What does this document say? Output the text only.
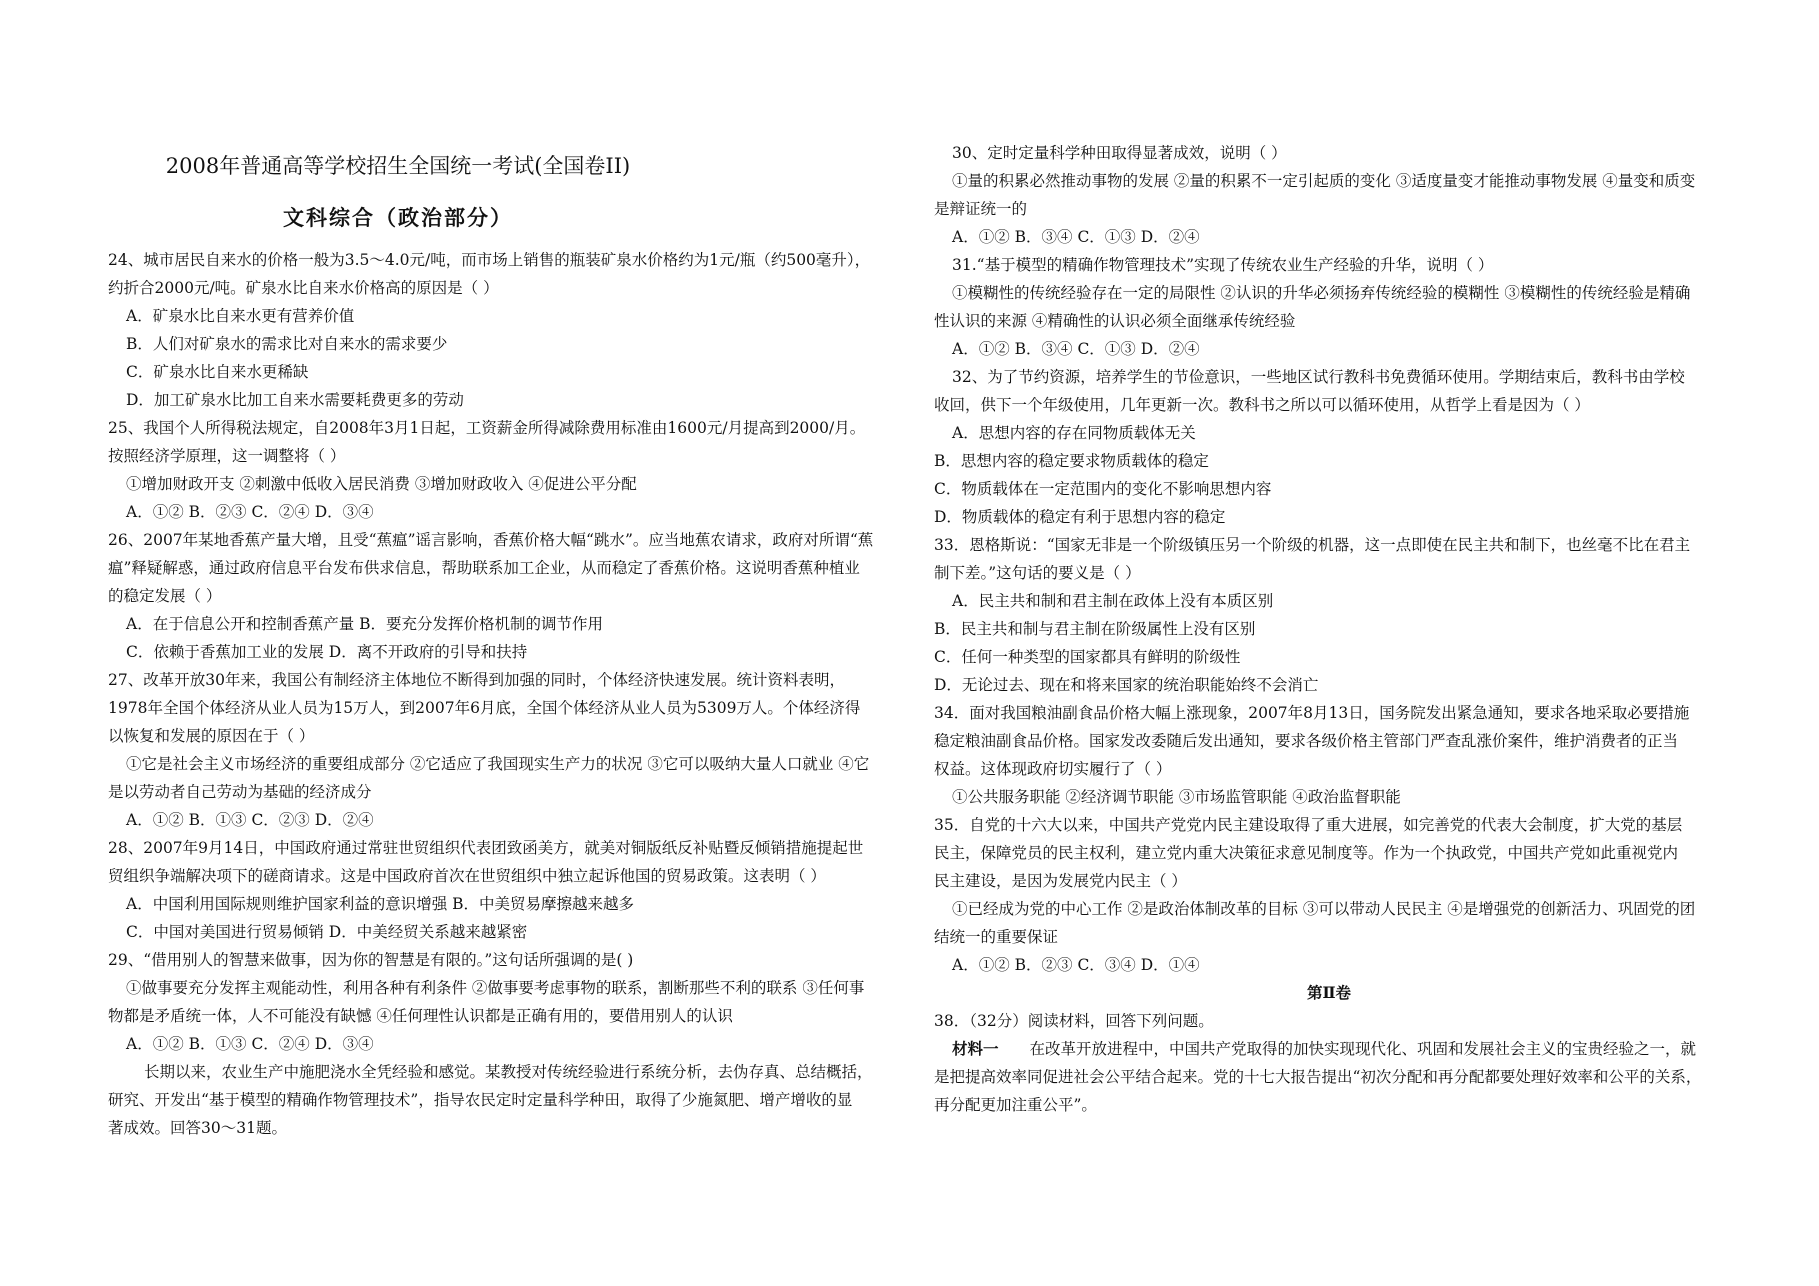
2008年普通高等学校招生全国统一考试(全国卷II)
文科综合（政治部分）
24、城市居民自来水的价格一般为3.5～4.0元/吨，而市场上销售的瓶装矿泉水价格约为1元/瓶（约500毫升），
约折合2000元/吨。矿泉水比自来水价格高的原因是（ ）
A．矿泉水比自来水更有营养价值
B．人们对矿泉水的需求比对自来水的需求要少
C．矿泉水比自来水更稀缺
D．加工矿泉水比加工自来水需要耗费更多的劳动
25、我国个人所得税法规定，自2008年3月1日起，工资薪金所得减除费用标准由1600元/月提高到2000/月。
按照经济学原理，这一调整将（ ）
①增加财政开支 ②刺激中低收入居民消费 ③增加财政收入 ④促进公平分配
A．①② B．②③ C．②④ D．③④
26、2007年某地香蕉产量大增，且受“蕉瘟”谣言影响，香蕉价格大幅“跳水”。应当地蕉农请求，政府对所谓“蕉
瘟”释疑解惑，通过政府信息平台发布供求信息，帮助联系加工企业，从而稳定了香蕉价格。这说明香蕉种植业
的稳定发展（ ）
A．在于信息公开和控制香蕉产量 B．要充分发挥价格机制的调节作用
C．依赖于香蕉加工业的发展 D．离不开政府的引导和扶持
27、改革开放30年来，我国公有制经济主体地位不断得到加强的同时，个体经济快速发展。统计资料表明，
1978年全国个体经济从业人员为15万人，到2007年6月底，全国个体经济从业人员为5309万人。个体经济得
以恢复和发展的原因在于（ ）
①它是社会主义市场经济的重要组成部分 ②它适应了我国现实生产力的状况 ③它可以吸纳大量人口就业 ④它
是以劳动者自己劳动为基础的经济成分
A．①② B．①③ C．②③ D．②④
28、2007年9月14日，中国政府通过常驻世贸组织代表团致函美方，就美对铜版纸反补贴暨反倾销措施提起世
贸组织争端解决项下的磋商请求。这是中国政府首次在世贸组织中独立起诉他国的贸易政策。这表明（ ）
A．中国利用国际规则维护国家利益的意识增强 B．中美贸易摩擦越来越多
C．中国对美国进行贸易倾销 D．中美经贸关系越来越紧密
29、“借用别人的智慧来做事，因为你的智慧是有限的。”这句话所强调的是( )
①做事要充分发挥主观能动性，利用各种有利条件 ②做事要考虑事物的联系，割断那些不利的联系 ③任何事
物都是矛盾统一体，人不可能没有缺憾 ④任何理性认识都是正确有用的，要借用别人的认识
A．①② B．①③ C．②④ D．③④
长期以来，农业生产中施肥浇水全凭经验和感觉。某教授对传统经验进行系统分析，去伪存真、总结概括，
研究、开发出“基于模型的精确作物管理技术”，指导农民定时定量科学种田，取得了少施氮肥、增产增收的显
著成效。回答30～31题。
30、定时定量科学种田取得显著成效，说明（ ）
①量的积累必然推动事物的发展 ②量的积累不一定引起质的变化 ③适度量变才能推动事物发展 ④量变和质变
是辩证统一的
A．①② B．③④ C．①③ D．②④
31.“基于模型的精确作物管理技术”实现了传统农业生产经验的升华，说明（ ）
①模糊性的传统经验存在一定的局限性 ②认识的升华必须扬弃传统经验的模糊性 ③模糊性的传统经验是精确
性认识的来源 ④精确性的认识必须全面继承传统经验
A．①② B．③④ C．①③ D．②④
32、为了节约资源，培养学生的节俭意识，一些地区试行教科书免费循环使用。学期结束后，教科书由学校
收回，供下一个年级使用，几年更新一次。教科书之所以可以循环使用，从哲学上看是因为（ ）
A．思想内容的存在同物质载体无关
B．思想内容的稳定要求物质载体的稳定
C．物质载体在一定范围内的变化不影响思想内容
D．物质载体的稳定有利于思想内容的稳定
33．恩格斯说：“国家无非是一个阶级镇压另一个阶级的机器，这一点即使在民主共和制下，也丝毫不比在君主
制下差。”这句话的要义是（ ）
A．民主共和制和君主制在政体上没有本质区别
B．民主共和制与君主制在阶级属性上没有区别
C．任何一种类型的国家都具有鲜明的阶级性
D．无论过去、现在和将来国家的统治职能始终不会消亡
34．面对我国粮油副食品价格大幅上涨现象，2007年8月13日，国务院发出紧急通知，要求各地采取必要措施
稳定粮油副食品价格。国家发改委随后发出通知，要求各级价格主管部门严查乱涨价案件，维护消费者的正当
权益。这体现政府切实履行了（ ）
①公共服务职能 ②经济调节职能 ③市场监管职能 ④政治监督职能
35．自党的十六大以来，中国共产党党内民主建设取得了重大进展，如完善党的代表大会制度，扩大党的基层
民主，保障党员的民主权利，建立党内重大决策征求意见制度等。作为一个执政党，中国共产党如此重视党内
民主建设，是因为发展党内民主（ ）
①已经成为党的中心工作 ②是政治体制改革的目标 ③可以带动人民民主 ④是增强党的创新活力、巩固党的团
结统一的重要保证
A．①② B．②③ C．③④ D．①④
第Ⅱ卷
38．（32分）阅读材料，回答下列问题。
材料一　　 在改革开放进程中，中国共产党取得的加快实现现代化、巩固和发展社会主义的宝贵经验之一，就
是把提高效率同促进社会公平结合起来。党的十七大报告提出“初次分配和再分配都要处理好效率和公平的关系，
再分配更加注重公平”。
